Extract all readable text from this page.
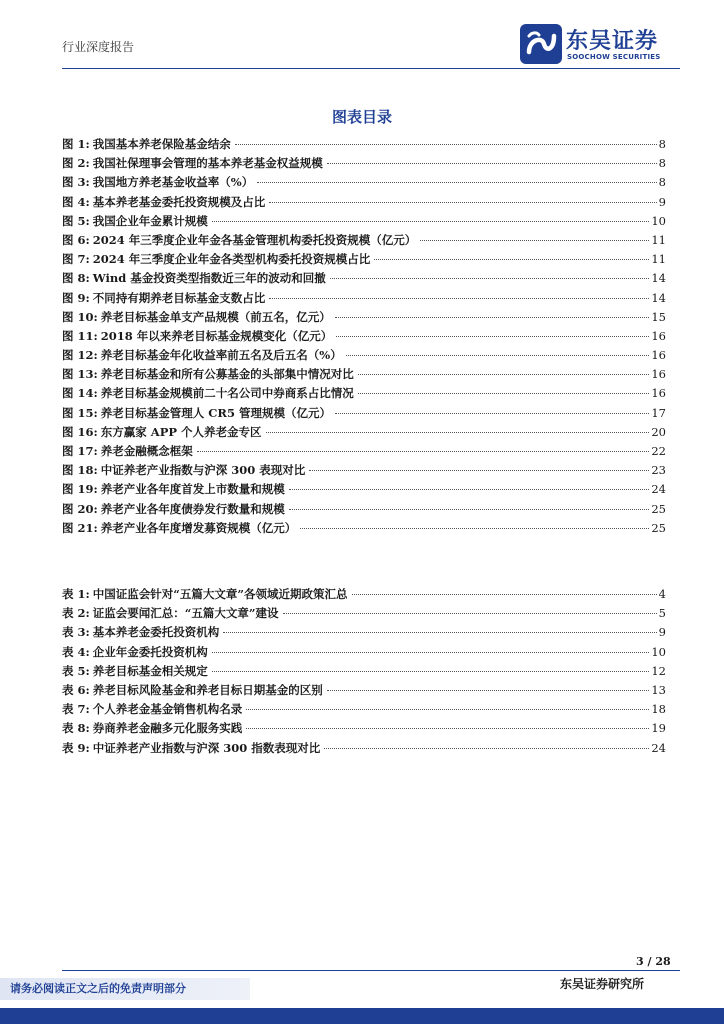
行业深度报告	东吴证券
SOOCHOW SECURITIES
图表目录
图 1: 我国基本养老保险基金结余	8
图 2: 我国社保理事会管理的基本养老基金权益规模	8
图 3: 我国地方养老基金收益率（%）	8
图 4: 基本养老基金委托投资规模及占比	9
图 5: 我国企业年金累计规模	10
图 6: 2024 年三季度企业年金各基金管理机构委托投资规模（亿元）	11
图 7: 2024 年三季度企业年金各类型机构委托投资规模占比	11
图 8: Wind 基金投资类型指数近三年的波动和回撤	14
图 9: 不同持有期养老目标基金支数占比	14
图 10: 养老目标基金单支产品规模（前五名，亿元）	15
图 11: 2018 年以来养老目标基金规模变化（亿元）	16
图 12: 养老目标基金年化收益率前五名及后五名（%）	16
图 13: 养老目标基金和所有公募基金的头部集中情况对比	16
图 14: 养老目标基金规模前二十名公司中券商系占比情况	16
图 15: 养老目标基金管理人 CR5 管理规模（亿元）	17
图 16: 东方赢家 APP 个人养老金专区	20
图 17: 养老金融概念框架	22
图 18: 中证养老产业指数与沪深 300 表现对比	23
图 19: 养老产业各年度首发上市数量和规模	24
图 20: 养老产业各年度债券发行数量和规模	25
图 21: 养老产业各年度增发募资规模（亿元）	25
表 1: 中国证监会针对“五篇大文章”各领域近期政策汇总	4
表 2: 证监会要闻汇总：“五篇大文章”建设	5
表 3: 基本养老金委托投资机构	9
表 4: 企业年金委托投资机构	10
表 5: 养老目标基金相关规定	12
表 6: 养老目标风险基金和养老目标日期基金的区别	13
表 7: 个人养老金基金销售机构名录	18
表 8: 券商养老金融多元化服务实践	19
表 9: 中证养老产业指数与沪深 300 指数表现对比	24
3 / 28
东吴证券研究所
请务必阅读正文之后的免责声明部分
